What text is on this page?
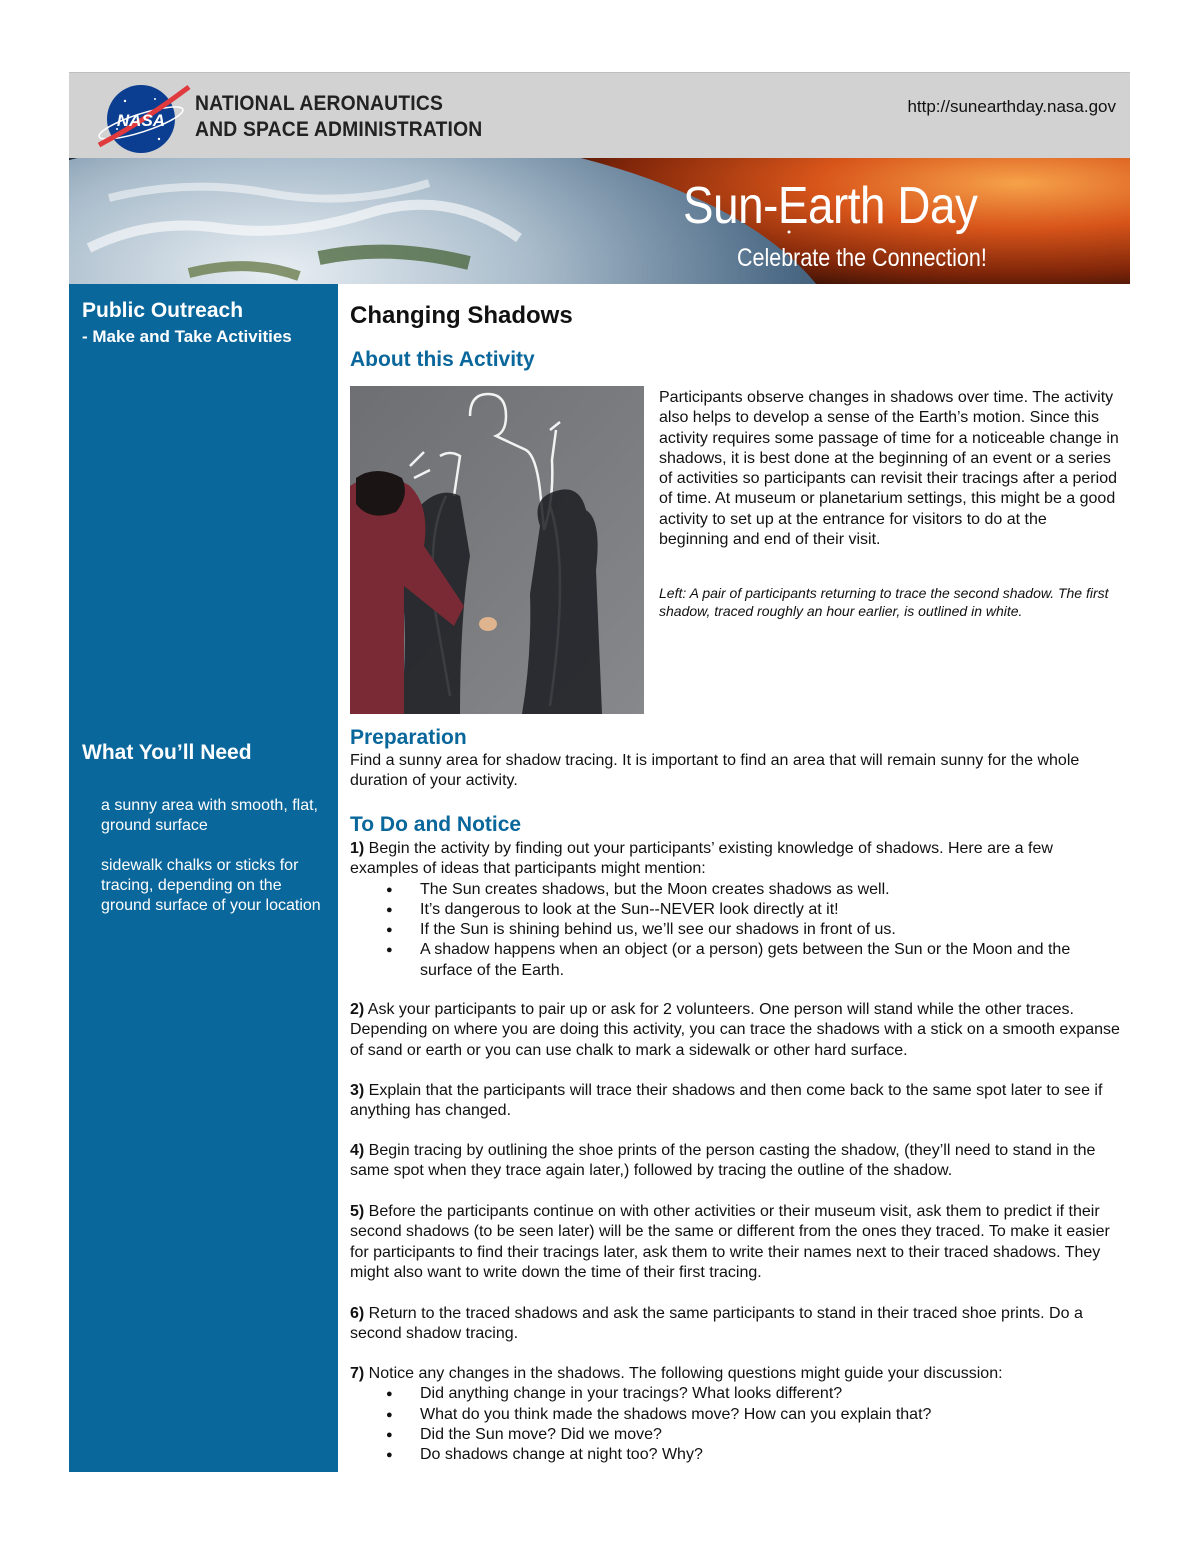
NASA
NATIONAL AERONAUTICS
AND SPACE ADMINISTRATION
http://sunearthday.nasa.gov
Sun-Earth Day
Celebrate the Connection!
Public Outreach
- Make and Take Activities
What You’ll Need
a sunny area with smooth, flat, ground surface
sidewalk chalks or sticks for tracing, depending on the ground surface of your location
Changing Shadows
About this Activity
Participants observe changes in shadows over time. The activity also helps to develop a sense of the Earth’s motion. Since this activity requires some passage of time for a noticeable change in shadows, it is best done at the beginning of an event or a series of activities so participants can revisit their tracings after a period of time. At museum or planetarium settings, this might be a good activity to set up at the entrance for visitors to do at the beginning and end of their visit.
Left: A pair of participants returning to trace the second shadow. The first shadow, traced roughly an hour earlier, is outlined in white.
Preparation
Find a sunny area for shadow tracing. It is important to find an area that will remain sunny for the whole duration of your activity.
To Do and Notice
1) Begin the activity by finding out your participants’ existing knowledge of shadows. Here are a few examples of ideas that participants might mention:
● The Sun creates shadows, but the Moon creates shadows as well.
● It’s dangerous to look at the Sun--NEVER look directly at it!
● If the Sun is shining behind us, we’ll see our shadows in front of us.
● A shadow happens when an object (or a person) gets between the Sun or the Moon and the surface of the Earth.
2) Ask your participants to pair up or ask for 2 volunteers. One person will stand while the other traces. Depending on where you are doing this activity, you can trace the shadows with a stick on a smooth expanse of sand or earth or you can use chalk to mark a sidewalk or other hard surface.
3) Explain that the participants will trace their shadows and then come back to the same spot later to see if anything has changed.
4) Begin tracing by outlining the shoe prints of the person casting the shadow, (they’ll need to stand in the same spot when they trace again later,) followed by tracing the outline of the shadow.
5) Before the participants continue on with other activities or their museum visit, ask them to predict if their second shadows (to be seen later) will be the same or different from the ones they traced. To make it easier for participants to find their tracings later, ask them to write their names next to their traced shadows. They might also want to write down the time of their first tracing.
6) Return to the traced shadows and ask the same participants to stand in their traced shoe prints. Do a second shadow tracing.
7) Notice any changes in the shadows. The following questions might guide your discussion:
● Did anything change in your tracings? What looks different?
● What do you think made the shadows move? How can you explain that?
● Did the Sun move? Did we move?
● Do shadows change at night too? Why?
